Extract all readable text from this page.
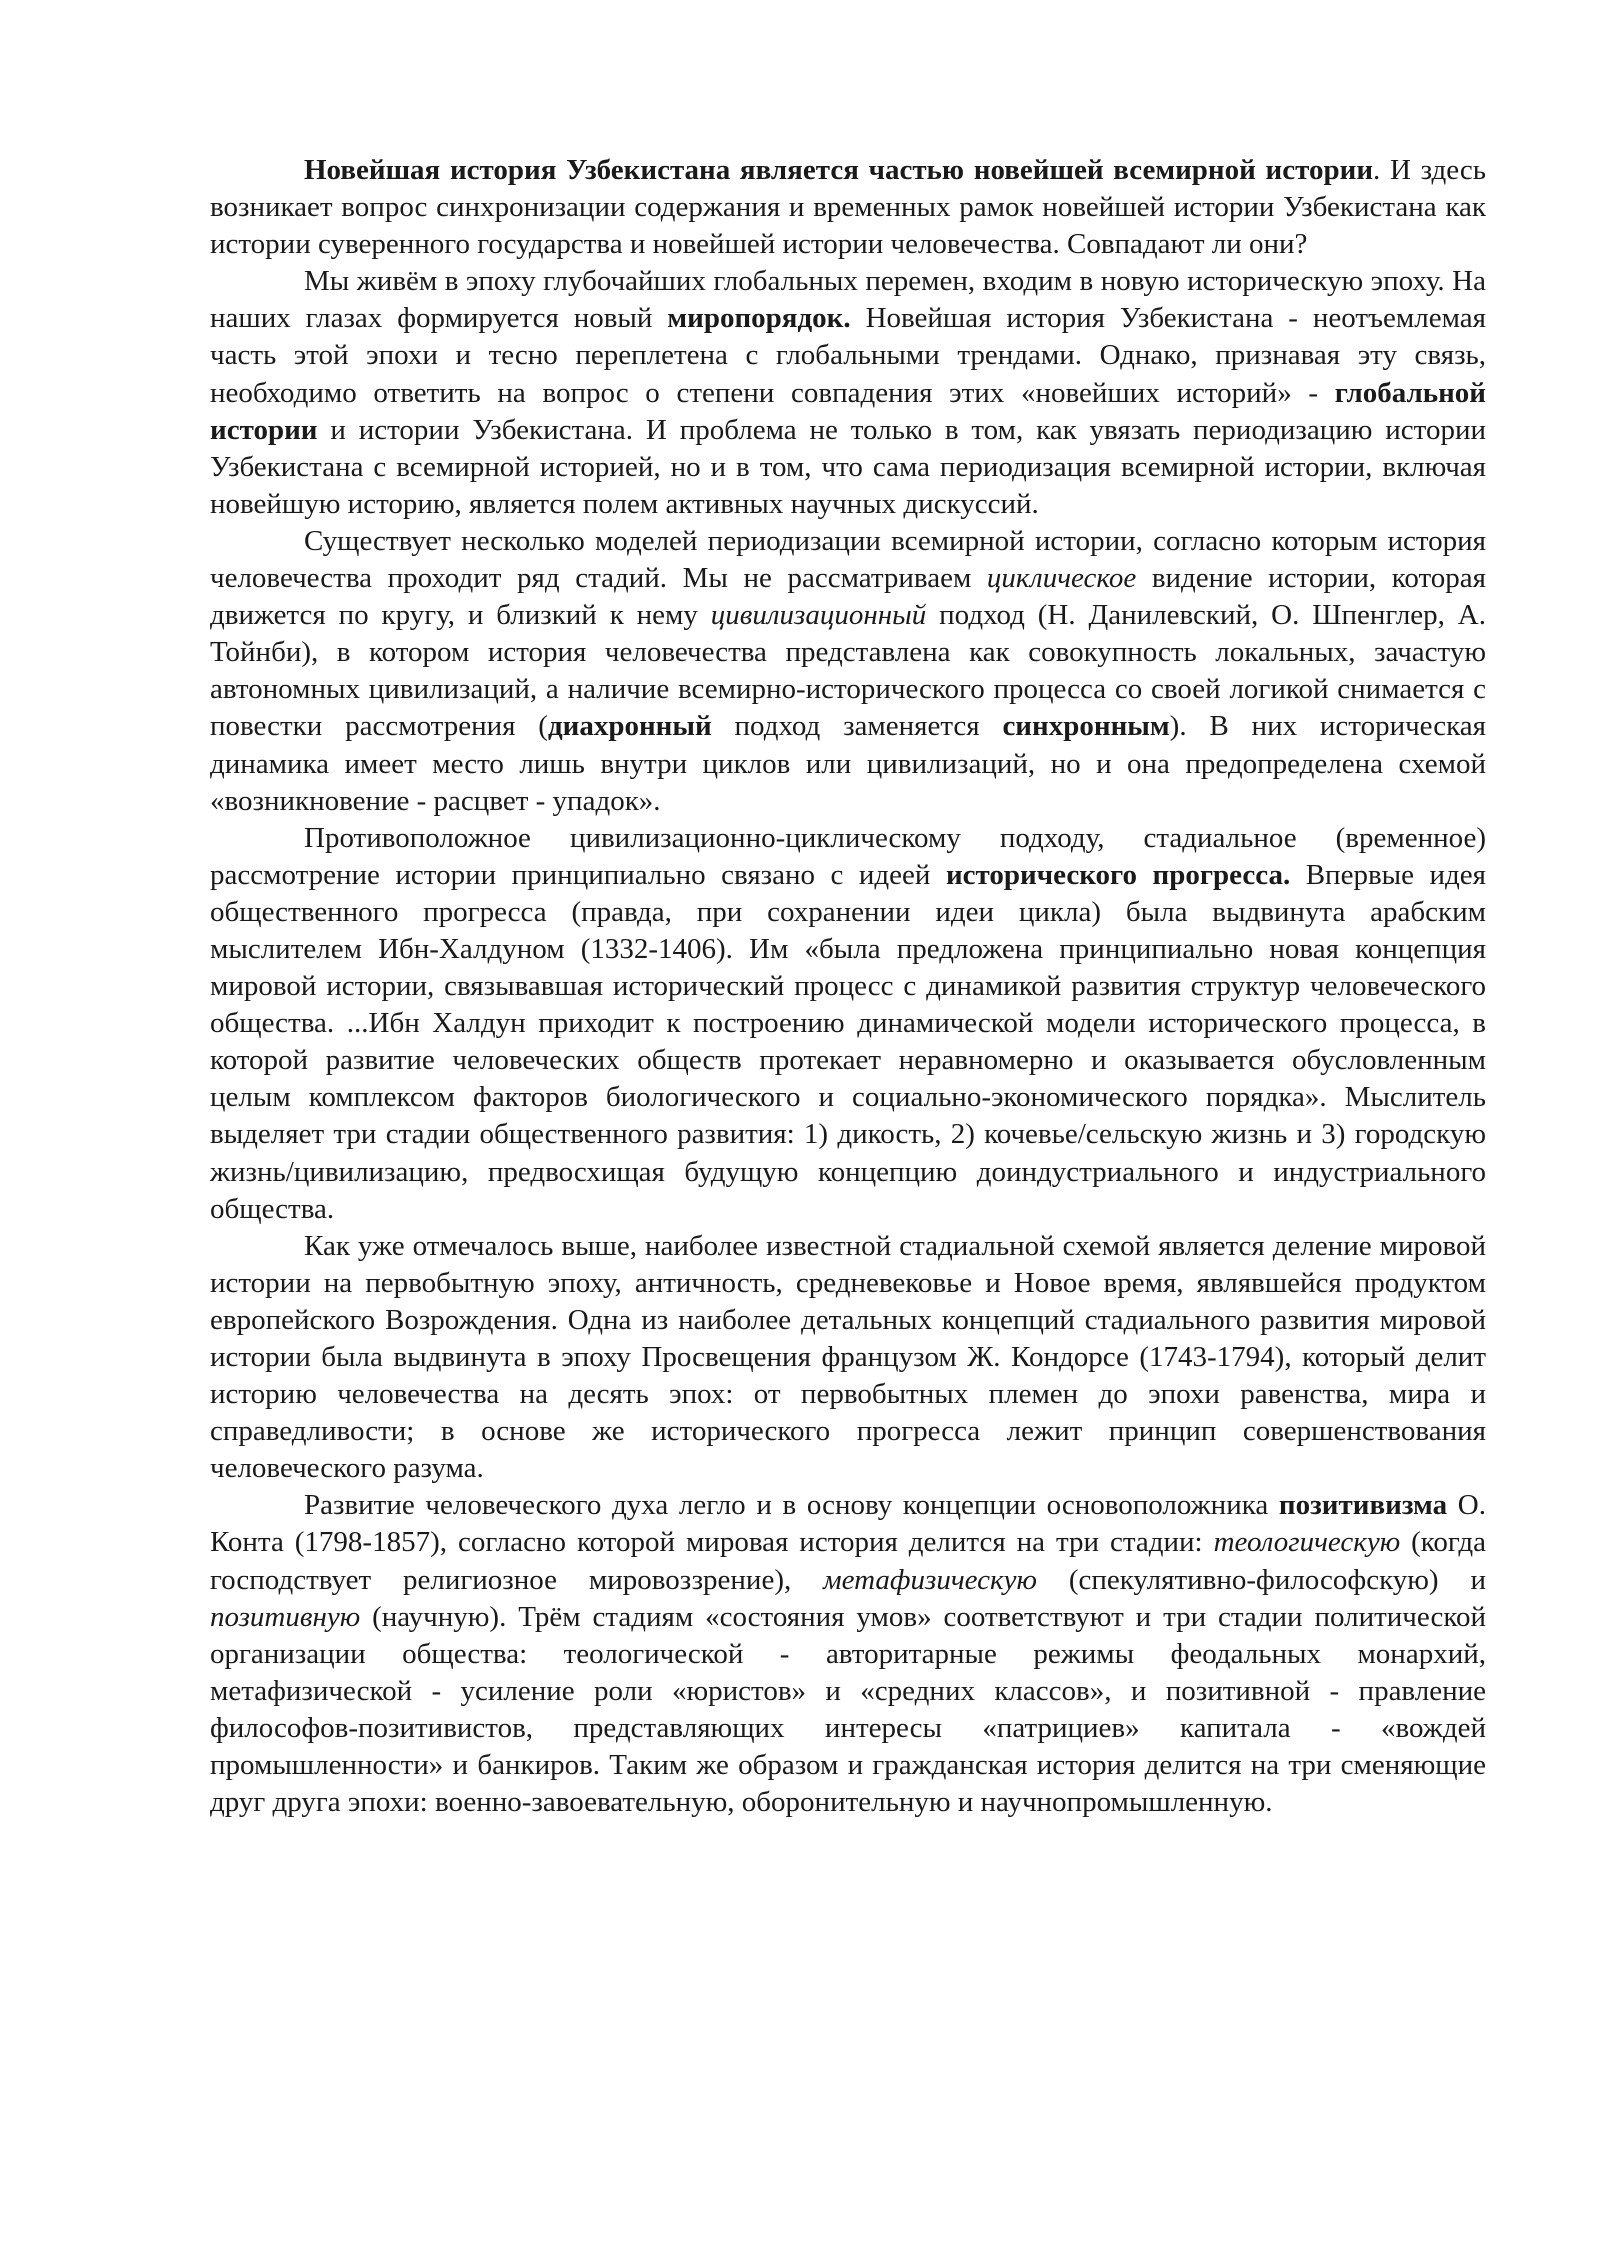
Новейшая история Узбекистана является частью новейшей всемирной истории. И здесь возникает вопрос синхронизации содержания и временных рамок новейшей истории Узбекистана как истории суверенного государства и новейшей истории человечества. Совпадают ли они?

Мы живём в эпоху глубочайших глобальных перемен, входим в новую историческую эпоху. На наших глазах формируется новый миропорядок. Новейшая история Узбекистана - неотъемлемая часть этой эпохи и тесно переплетена с глобальными трендами. Однако, признавая эту связь, необходимо ответить на вопрос о степени совпадения этих «новейших историй» - глобальной истории и истории Узбекистана. И проблема не только в том, как увязать периодизацию истории Узбекистана с всемирной историей, но и в том, что сама периодизация всемирной истории, включая новейшую историю, является полем активных научных дискуссий.

Существует несколько моделей периодизации всемирной истории, согласно которым история человечества проходит ряд стадий. Мы не рассматриваем циклическое видение истории, которая движется по кругу, и близкий к нему цивилизационный подход (Н. Данилевский, О. Шпенглер, А. Тойнби), в котором история человечества представлена как совокупность локальных, зачастую автономных цивилизаций, а наличие всемирно-исторического процесса со своей логикой снимается с повестки рассмотрения (диахронный подход заменяется синхронным). В них историческая динамика имеет место лишь внутри циклов или цивилизаций, но и она предопределена схемой «возникновение - расцвет - упадок».

Противоположное цивилизационно-циклическому подходу, стадиальное (временное) рассмотрение истории принципиально связано с идеей исторического прогресса. Впервые идея общественного прогресса (правда, при сохранении идеи цикла) была выдвинута арабским мыслителем Ибн-Халдуном (1332-1406). Им «была предложена принципиально новая концепция мировой истории, связывавшая исторический процесс с динамикой развития структур человеческого общества. ...Ибн Халдун приходит к построению динамической модели исторического процесса, в которой развитие человеческих обществ протекает неравномерно и оказывается обусловленным целым комплексом факторов биологического и социально-экономического порядка». Мыслитель выделяет три стадии общественного развития: 1) дикость, 2) кочевье/сельскую жизнь и 3) городскую жизнь/цивилизацию, предвосхищая будущую концепцию доиндустриального и индустриального общества.

Как уже отмечалось выше, наиболее известной стадиальной схемой является деление мировой истории на первобытную эпоху, античность, средневековье и Новое время, являвшейся продуктом европейского Возрождения. Одна из наиболее детальных концепций стадиального развития мировой истории была выдвинута в эпоху Просвещения французом Ж. Кондорсе (1743-1794), который делит историю человечества на десять эпох: от первобытных племен до эпохи равенства, мира и справедливости; в основе же исторического прогресса лежит принцип совершенствования человеческого разума.

Развитие человеческого духа легло и в основу концепции основоположника позитивизма О. Конта (1798-1857), согласно которой мировая история делится на три стадии: теологическую (когда господствует религиозное мировоззрение), метафизическую (спекулятивно-философскую) и позитивную (научную). Трём стадиям «состояния умов» соответствуют и три стадии политической организации общества: теологической - авторитарные режимы феодальных монархий, метафизической - усиление роли «юристов» и «средних классов», и позитивной - правление философов-позитивистов, представляющих интересы «патрициев» капитала - «вождей промышленности» и банкиров. Таким же образом и гражданская история делится на три сменяющие друг друга эпохи: военно-завоевательную, оборонительную и научнопромышленную.
